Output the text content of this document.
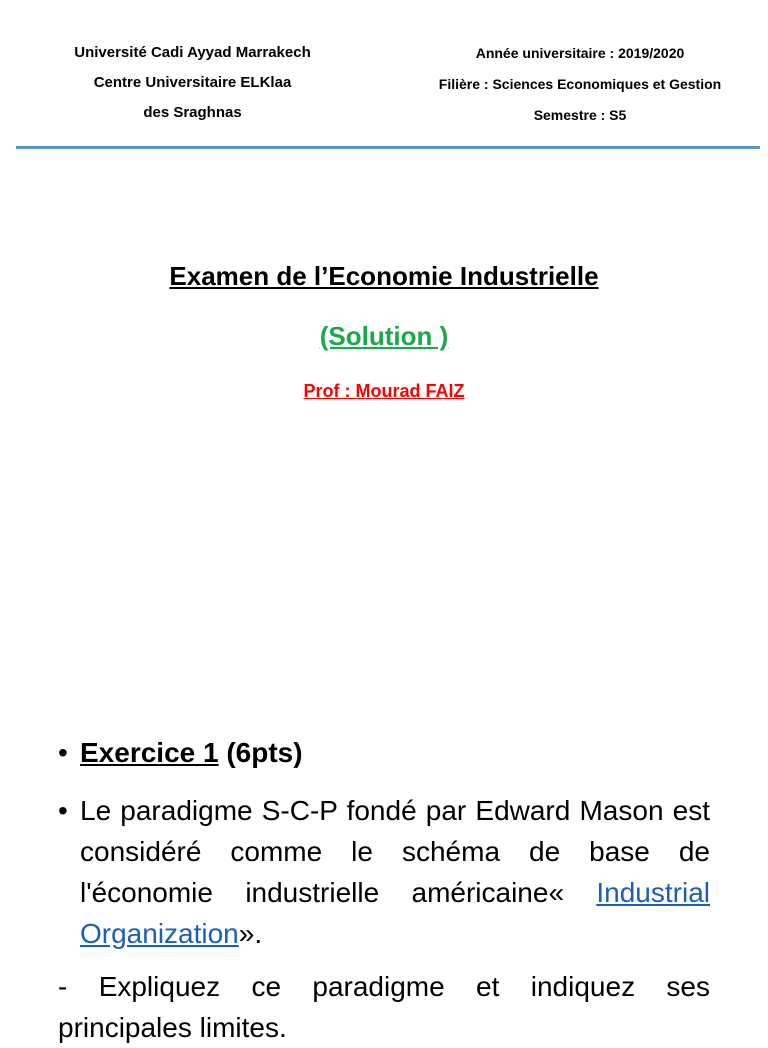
Université Cadi Ayyad Marrakech
Centre Universitaire ELKlaa
des Sraghnas
Année universitaire : 2019/2020
Filière : Sciences Economiques et Gestion
Semestre : S5
Examen de l’Economie Industrielle
(Solution )
Prof : Mourad FAIZ
• Exercice 1 (6pts)
• Le paradigme S-C-P fondé par Edward Mason est considéré comme le schéma de base de l'économie industrielle américaine« Industrial Organization».
- Expliquez ce paradigme et indiquez ses principales limites.
